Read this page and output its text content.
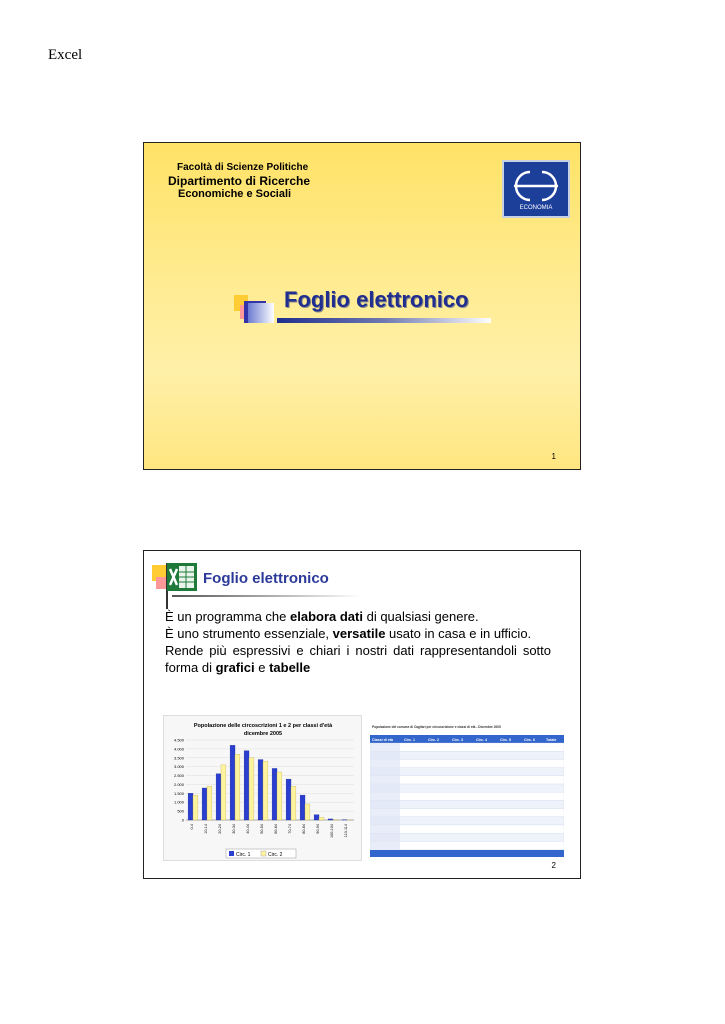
Excel
Facoltà di Scienze Politiche
Dipartimento di Ricerche
Economiche e Sociali
ECONOMIA
Foglio elettronico
1
Foglio elettronico

È un programma che elabora dati di qualsiasi genere.

È uno strumento essenziale, versatile usato in casa e in ufficio.

Rende più espressivi e chiari i nostri dati rappresentandoli sotto forma di grafici e tabelle

Popolazione delle circoscrizioni 1 e 2 per classi d'età
dicembre 2005
4.500
4.000
3.500
3.000
2.500
2.000
1.500
1.000
500
0
0-4	10-14	20-24	30-34	40-44	50-54	60-64	70-74	80-84	90-94	100-104	110-114
Circ. 1	Circ. 2
Popolazione del comune di Cagliari per circoscrizione e classi di età - Dicembre 2005
Classi di età	Circ. 1	Circ. 2	Circ. 3	Circ. 4	Circ. 5	Circ. 6	Totale
2
